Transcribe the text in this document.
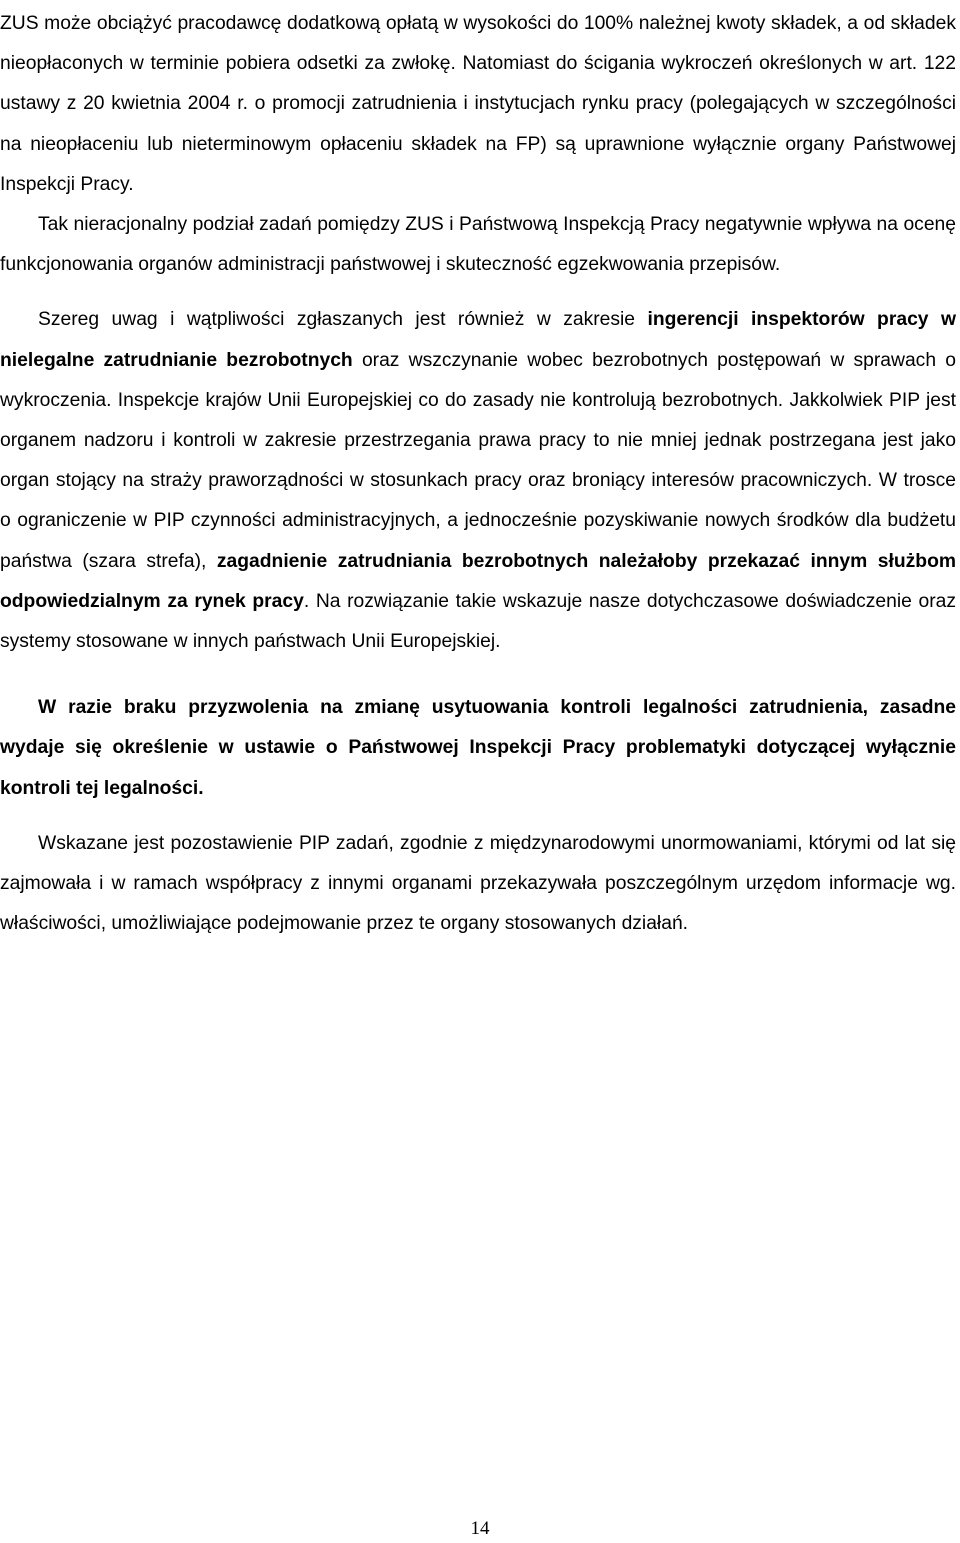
ZUS może obciążyć pracodawcę dodatkową opłatą w wysokości do 100% należnej kwoty składek, a od składek nieopłaconych w terminie pobiera odsetki za zwłokę. Natomiast do ścigania wykroczeń określonych w art. 122 ustawy z 20 kwietnia 2004 r. o promocji zatrudnienia i instytucjach rynku pracy (polegających w szczególności na nieopłaceniu lub nieterminowym opłaceniu składek na FP) są uprawnione wyłącznie organy Państwowej Inspekcji Pracy.

Tak nieracjonalny podział zadań pomiędzy ZUS i Państwową Inspekcją Pracy negatywnie wpływa na ocenę funkcjonowania organów administracji państwowej i skuteczność egzekwowania przepisów.

Szereg uwag i wątpliwości zgłaszanych jest również w zakresie ingerencji inspektorów pracy w nielegalne zatrudnianie bezrobotnych oraz wszczynanie wobec bezrobotnych postępowań w sprawach o wykroczenia. Inspekcje krajów Unii Europejskiej co do zasady nie kontrolują bezrobotnych. Jakkolwiek PIP jest organem nadzoru i kontroli w zakresie przestrzegania prawa pracy to nie mniej jednak postrzegana jest jako organ stojący na straży praworządności w stosunkach pracy oraz broniący interesów pracowniczych. W trosce o ograniczenie w PIP czynności administracyjnych, a jednocześnie pozyskiwanie nowych środków dla budżetu państwa (szara strefa), zagadnienie zatrudniania bezrobotnych należałoby przekazać innym służbom odpowiedzialnym za rynek pracy. Na rozwiązanie takie wskazuje nasze dotychczasowe doświadczenie oraz systemy stosowane w innych państwach Unii Europejskiej.

W razie braku przyzwolenia na zmianę usytuowania kontroli legalności zatrudnienia, zasadne wydaje się określenie w ustawie o Państwowej Inspekcji Pracy problematyki dotyczącej wyłącznie kontroli tej legalności.

Wskazane jest pozostawienie PIP zadań, zgodnie z międzynarodowymi unormowaniami, którymi od lat się zajmowała i w ramach współpracy z innymi organami przekazywała poszczególnym urzędom informacje wg. właściwości, umożliwiające podejmowanie przez te organy stosowanych działań.

14
